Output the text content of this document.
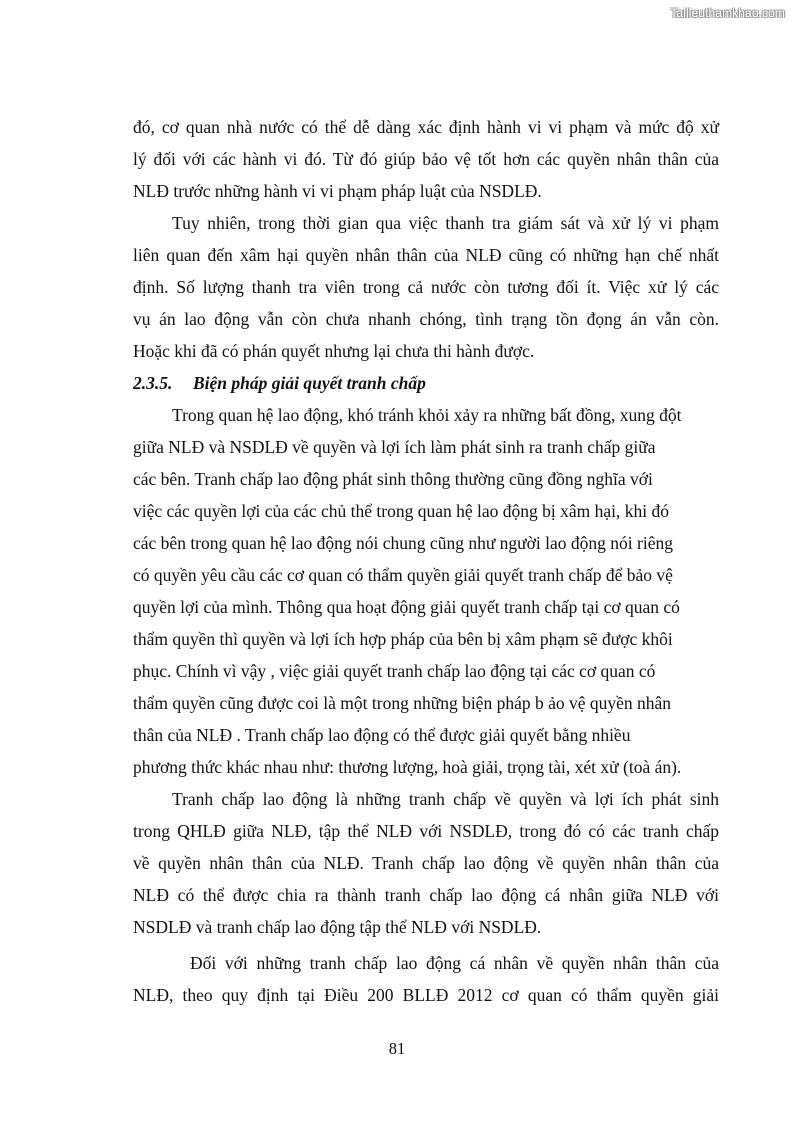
Tailieuthamkhao.com

đó, cơ quan nhà nước có thể dễ dàng xác định hành vi vi phạm và mức độ xử

lý đối với các hành vi đó. Từ đó giúp bảo vệ tốt hơn các quyền nhân thân của

NLĐ trước những hành vi vi phạm pháp luật của NSDLĐ.

Tuy nhiên, trong thời gian qua việc thanh tra giám sát và xử lý vi phạm

liên quan đến xâm hại quyền nhân thân của NLĐ cũng có những hạn chế nhất

định. Số lượng thanh tra viên trong cả nước còn tương đối ít. Việc xử lý các

vụ án lao động vẫn còn chưa nhanh chóng, tình trạng tồn đọng án vẫn còn.

Hoặc khi đã có phán quyết nhưng lại chưa thi hành được.

2.3.5. Biện pháp giải quyết tranh chấp

Trong quan hệ lao động, khó tránh khỏi xảy ra những bất đồng, xung đột

giữa NLĐ và NSDLĐ về quyền và lợi ích làm phát sinh ra tranh chấp giữa

các bên. Tranh chấp lao động phát sinh thông thường cũng đồng nghĩa với

việc các quyền lợi của các chủ thể trong quan hệ lao động bị xâm hại, khi đó

các bên trong quan hệ lao động nói chung cũng như người lao động nói riêng

có quyền yêu cầu các cơ quan có thẩm quyền giải quyết tranh chấp để bảo vệ

quyền lợi của mình. Thông qua hoạt động giải quyết tranh chấp tại cơ quan có

thẩm quyền thì quyền và lợi ích hợp pháp của bên bị xâm phạm sẽ được khôi

phục. Chính vì vậy , việc giải quyết tranh chấp lao động tại các cơ quan có

thẩm quyền cũng được coi là một trong những biện pháp b ảo vệ quyền nhân

thân của NLĐ . Tranh chấp lao động có thể được giải quyết bằng nhiều

phương thức khác nhau như: thương lượng, hoà giải, trọng tài, xét xử (toà án).

Tranh chấp lao động là những tranh chấp về quyền và lợi ích phát sinh

trong QHLĐ giữa NLĐ, tập thể NLĐ với NSDLĐ, trong đó có các tranh chấp

về quyền nhân thân của NLĐ. Tranh chấp lao động về quyền nhân thân của

NLĐ có thể được chia ra thành tranh chấp lao động cá nhân giữa NLĐ với

NSDLĐ và tranh chấp lao động tập thể NLĐ với NSDLĐ.

Đối với những tranh chấp lao động cá nhân về quyền nhân thân của

NLĐ, theo quy định tại Điều 200 BLLĐ 2012 cơ quan có thẩm quyền giải

81
